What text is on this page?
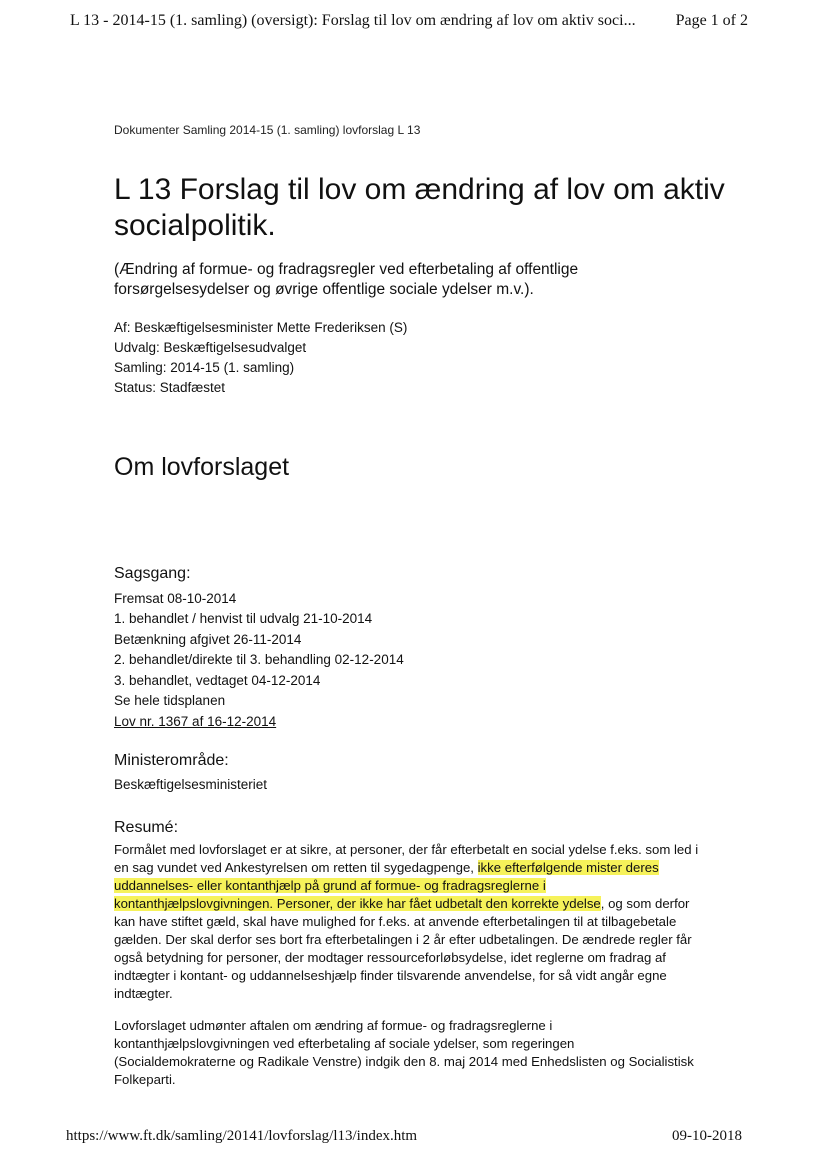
L 13 - 2014-15 (1. samling) (oversigt): Forslag til lov om ændring af lov om aktiv soci...	Page 1 of 2
Dokumenter Samling 2014-15 (1. samling) lovforslag L 13
L 13 Forslag til lov om ændring af lov om aktiv socialpolitik.
(Ændring af formue- og fradragsregler ved efterbetaling af offentlige forsørgelsesydelser og øvrige offentlige sociale ydelser m.v.).
Af: Beskæftigelsesminister Mette Frederiksen (S)
Udvalg: Beskæftigelsesudvalget
Samling: 2014-15 (1. samling)
Status: Stadfæstet
Om lovforslaget
Sagsgang:
Fremsat 08-10-2014
1. behandlet / henvist til udvalg 21-10-2014
Betænkning afgivet 26-11-2014
2. behandlet/direkte til 3. behandling 02-12-2014
3. behandlet, vedtaget 04-12-2014
Se hele tidsplanen
Lov nr. 1367 af 16-12-2014
Ministerområde:
Beskæftigelsesministeriet
Resumé:

Formålet med lovforslaget er at sikre, at personer, der får efterbetalt en social ydelse f.eks. som led i en sag vundet ved Ankestyrelsen om retten til sygedagpenge, ikke efterfølgende mister deres uddannelses- eller kontanthjælp på grund af formue- og fradragsreglerne i kontanthjælpslovgivningen. Personer, der ikke har fået udbetalt den korrekte ydelse, og som derfor kan have stiftet gæld, skal have mulighed for f.eks. at anvende efterbetalingen til at tilbagebetale gælden. Der skal derfor ses bort fra efterbetalingen i 2 år efter udbetalingen. De ændrede regler får også betydning for personer, der modtager ressourceforløbsydelse, idet reglerne om fradrag af indtægter i kontant- og uddannelseshjælp finder tilsvarende anvendelse, for så vidt angår egne indtægter.

Lovforslaget udmønter aftalen om ændring af formue- og fradragsreglerne i kontanthjælpslovgivningen ved efterbetaling af sociale ydelser, som regeringen (Socialdemokraterne og Radikale Venstre) indgik den 8. maj 2014 med Enhedslisten og Socialistisk Folkeparti.

https://www.ft.dk/samling/20141/lovforslag/l13/index.htm	09-10-2018
